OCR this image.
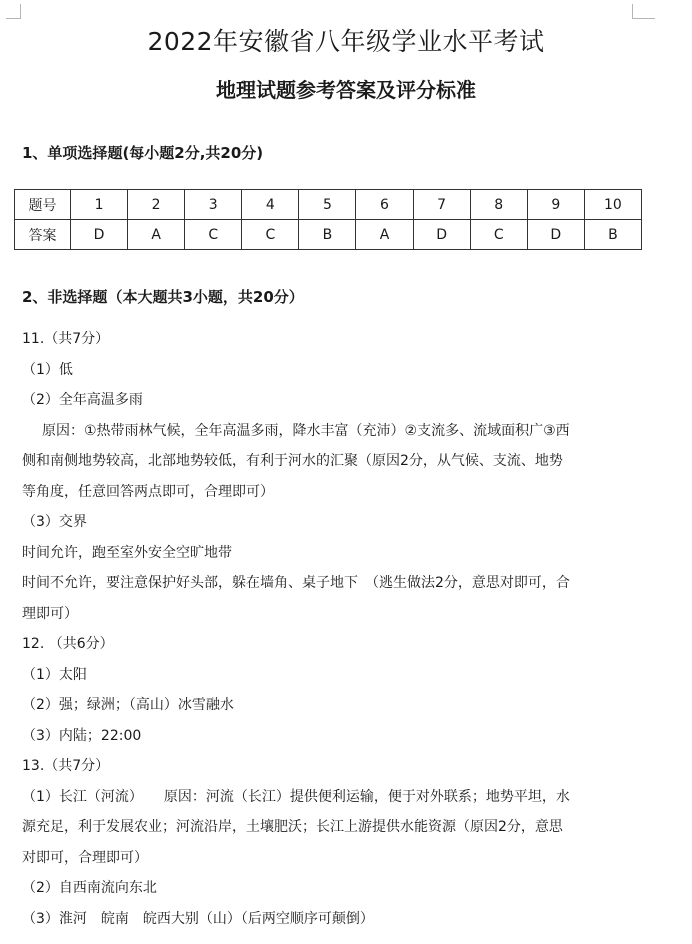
2022年安徽省八年级学业水平考试
地理试题参考答案及评分标准
1、单项选择题(每小题2分,共20分)
题号	1	2	3	4	5	6	7	8	9	10
答案	D	A	C	C	B	A	D	C	D	B
2、非选择题（本大题共3小题，共20分）
11.（共7分）
（1）低
（2）全年高温多雨
原因：①热带雨林气候，全年高温多雨，降水丰富（充沛）②支流多、流域面积广③西
侧和南侧地势较高，北部地势较低，有利于河水的汇聚（原因2分，从气候、支流、地势
等角度，任意回答两点即可，合理即可）
（3）交界
时间允许，跑至室外安全空旷地带
时间不允许，要注意保护好头部，躲在墙角、桌子地下　（逃生做法2分，意思对即可，合
理即可）
12. （共6分）
（1）太阳
（2）强；绿洲；（高山）冰雪融水
（3）内陆；22:00
13.（共7分）
（1）长江（河流）　　原因：河流（长江）提供便利运输，便于对外联系；地势平坦，水
源充足，利于发展农业；河流沿岸，土壤肥沃；长江上游提供水能资源（原因2分，意思
对即可，合理即可）
（2）自西南流向东北
（3）淮河　皖南　皖西大别（山）（后两空顺序可颠倒）
